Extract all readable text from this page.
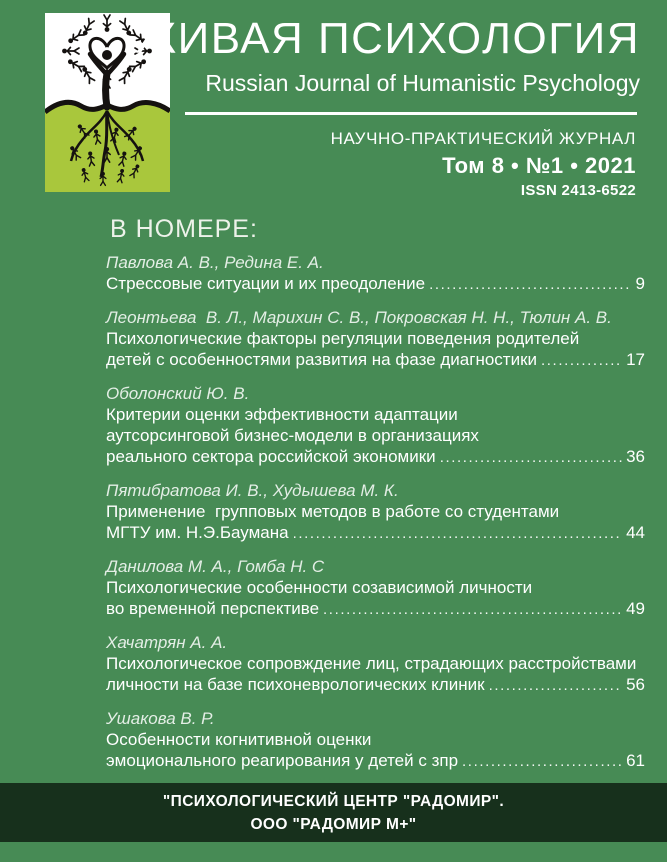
ЖИВАЯ ПСИХОЛОГИЯ
Russian Journal of Humanistic Psychology
НАУЧНО-ПРАКТИЧЕСКИЙ ЖУРНАЛ
Том 8 • №1 • 2021
ISSN 2413-6522
В НОМЕРЕ:
Павлова А. В., Редина Е. А.
Стрессовые ситуации и их преодоление .....	9
Леонтьева  В. Л., Марихин С. В., Покровская Н. Н., Тюлин А. В.
Психологические факторы регуляции поведения родителей
детей с особенностями развития на фазе диагностики .....	17
Оболонский Ю. В.
Критерии оценки эффективности адаптации
аутсорсинговой бизнес-модели в организациях
реального сектора российской экономики .....	36
Пятибратова И. В., Худышева М. К.
Применение  групповых методов в работе со студентами
МГТУ им. Н.Э.Баумана .....	44
Данилова М. А., Гомба Н. С
Психологические особенности созависимой личности
во временной перспективе .....	49
Хачатрян А. А.
Психологическое сопровждение лиц, страдающих расстройствами
личности на базе психоневрологических клиник .....	56
Ушакова В. Р.
Особенности когнитивной оценки
эмоционального реагирования у детей с зпр .....	61
"ПСИХОЛОГИЧЕСКИЙ ЦЕНТР "РАДОМИР".
ООО "РАДОМИР М+"
